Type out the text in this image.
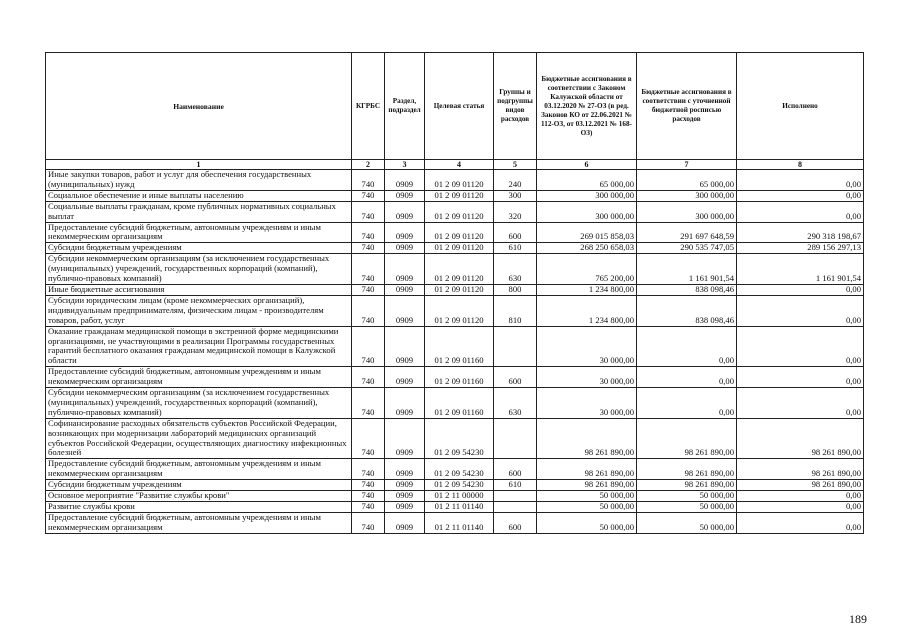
Наименование	КГРБС	Раздел, подраздел	Целевая статья	Группы и подгруппы видов расходов	Бюджетные ассигнования в соответствии с Законом Калужской области от 03.12.2020 № 27-ОЗ (в ред. Законов КО от 22.06.2021 № 112-ОЗ, от 03.12.2021 № 168-ОЗ)	Бюджетные ассигнования в соответствии с уточненной бюджетной росписью расходов	Исполнено
1	2	3	4	5	6	7	8
Иные закупки товаров, работ и услуг для обеспечения государственных (муниципальных) нужд	740	0909	01 2 09 01120	240	65 000,00	65 000,00	0,00
Социальное обеспечение и иные выплаты населению	740	0909	01 2 09 01120	300	300 000,00	300 000,00	0,00
Социальные выплаты гражданам, кроме публичных нормативных социальных выплат	740	0909	01 2 09 01120	320	300 000,00	300 000,00	0,00
Предоставление субсидий бюджетным, автономным учреждениям и иным некоммерческим организациям	740	0909	01 2 09 01120	600	269 015 858,03	291 697 648,59	290 318 198,67
Субсидии бюджетным учреждениям	740	0909	01 2 09 01120	610	268 250 658,03	290 535 747,05	289 156 297,13
Субсидии некоммерческим организациям (за исключением государственных (муниципальных) учреждений, государственных корпораций (компаний), публично-правовых компаний)	740	0909	01 2 09 01120	630	765 200,00	1 161 901,54	1 161 901,54
Иные бюджетные ассигнования	740	0909	01 2 09 01120	800	1 234 800,00	838 098,46	0,00
Субсидии юридическим лицам (кроме некоммерческих организаций), индивидуальным предпринимателям, физическим лицам - производителям товаров, работ, услуг	740	0909	01 2 09 01120	810	1 234 800,00	838 098,46	0,00
Оказание гражданам медицинской помощи в экстренной форме медицинскими организациями, не участвующими в реализации Программы государственных гарантий бесплатного оказания гражданам медицинской помощи в Калужской области	740	0909	01 2 09 01160		30 000,00	0,00	0,00
Предоставление субсидий бюджетным, автономным учреждениям и иным некоммерческим организациям	740	0909	01 2 09 01160	600	30 000,00	0,00	0,00
Субсидии некоммерческим организациям (за исключением государственных (муниципальных) учреждений, государственных корпораций (компаний), публично-правовых компаний)	740	0909	01 2 09 01160	630	30 000,00	0,00	0,00
Софинансирование расходных обязательств субъектов Российской Федерации, возникающих при модернизации лабораторий медицинских организаций субъектов Российской Федерации, осуществляющих диагностику инфекционных болезней	740	0909	01 2 09 54230		98 261 890,00	98 261 890,00	98 261 890,00
Предоставление субсидий бюджетным, автономным учреждениям и иным некоммерческим организациям	740	0909	01 2 09 54230	600	98 261 890,00	98 261 890,00	98 261 890,00
Субсидии бюджетным учреждениям	740	0909	01 2 09 54230	610	98 261 890,00	98 261 890,00	98 261 890,00
Основное мероприятие "Развитие службы крови"	740	0909	01 2 11 00000		50 000,00	50 000,00	0,00
Развитие службы крови	740	0909	01 2 11 01140		50 000,00	50 000,00	0,00
Предоставление субсидий бюджетным, автономным учреждениям и иным некоммерческим организациям	740	0909	01 2 11 01140	600	50 000,00	50 000,00	0,00
189
